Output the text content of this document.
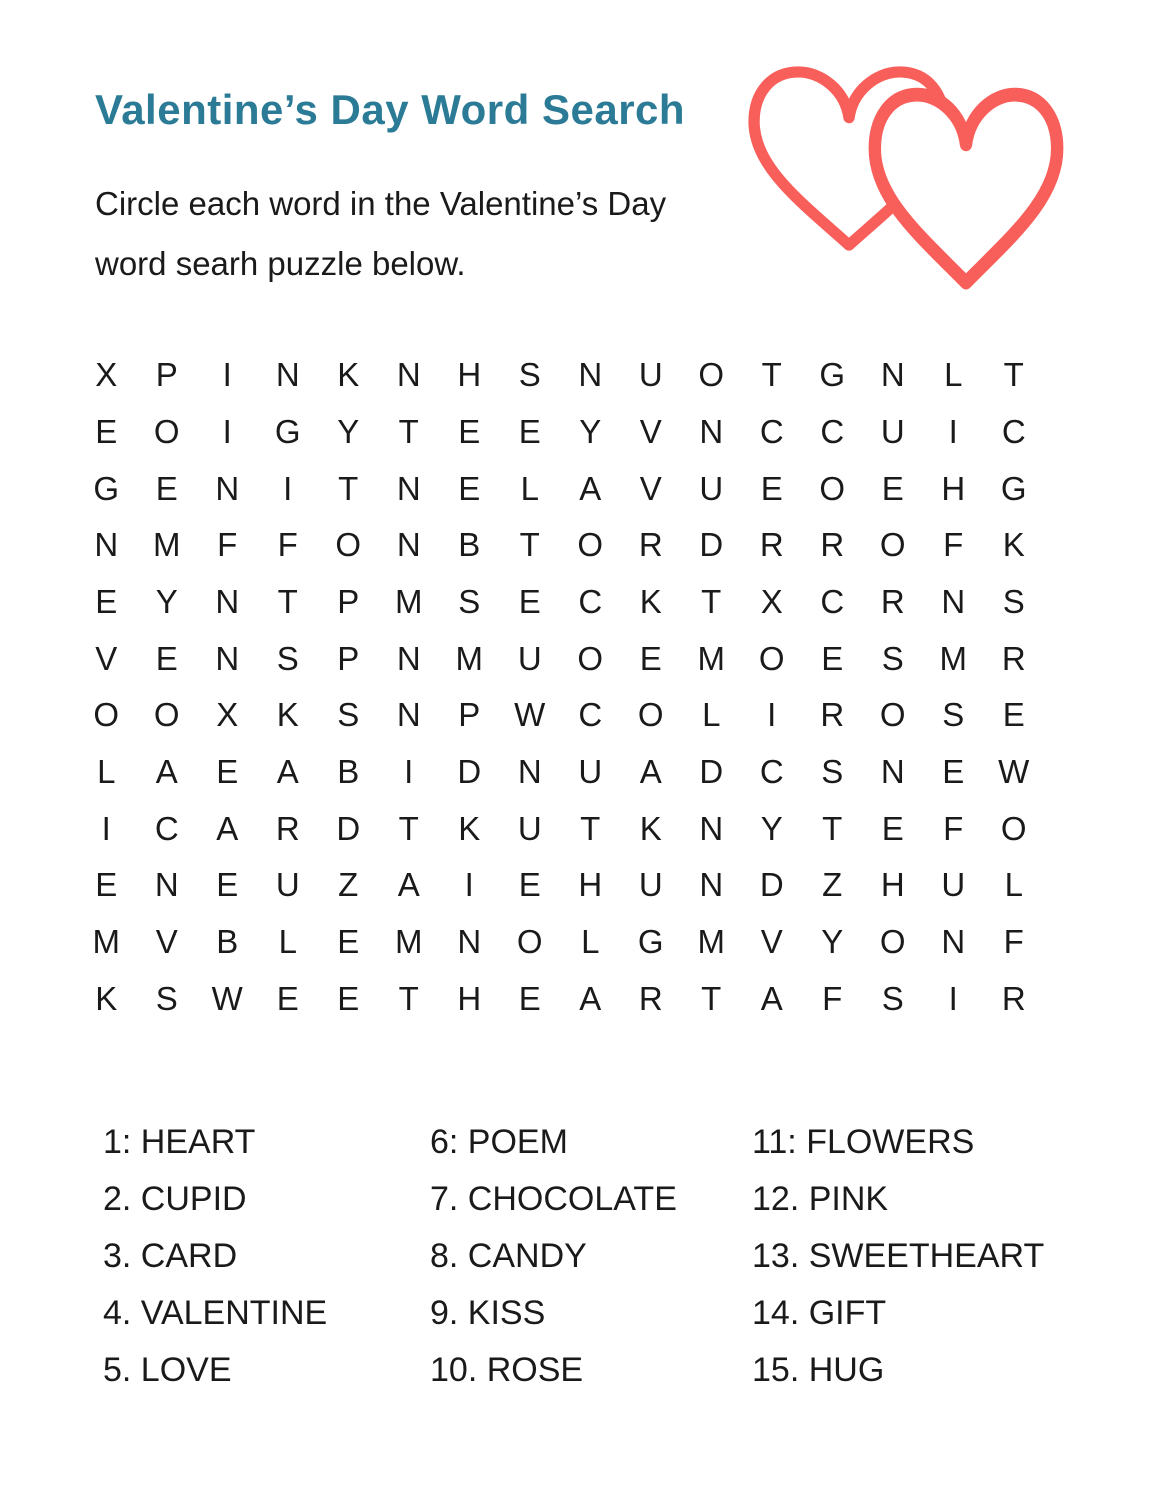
Valentine’s Day Word Search
Circle each word in the Valentine’s Day
word searh puzzle below.
X	P	I	N	K	N	H	S	N	U	O	T	G	N	L	T
E	O	I	G	Y	T	E	E	Y	V	N	C	C	U	I	C
G	E	N	I	T	N	E	L	A	V	U	E	O	E	H	G
N	M	F	F	O	N	B	T	O	R	D	R	R	O	F	K
E	Y	N	T	P	M	S	E	C	K	T	X	C	R	N	S
V	E	N	S	P	N	M	U	O	E	M	O	E	S	M	R
O	O	X	K	S	N	P	W	C	O	L	I	R	O	S	E
L	A	E	A	B	I	D	N	U	A	D	C	S	N	E	W
I	C	A	R	D	T	K	U	T	K	N	Y	T	E	F	O
E	N	E	U	Z	A	I	E	H	U	N	D	Z	H	U	L
M	V	B	L	E	M	N	O	L	G	M	V	Y	O	N	F
K	S	W	E	E	T	H	E	A	R	T	A	F	S	I	R
1: HEART
2. CUPID
3. CARD
4. VALENTINE
5. LOVE
6: POEM
7. CHOCOLATE
8. CANDY
9. KISS
10. ROSE
11: FLOWERS
12. PINK
13. SWEETHEART
14. GIFT
15. HUG
